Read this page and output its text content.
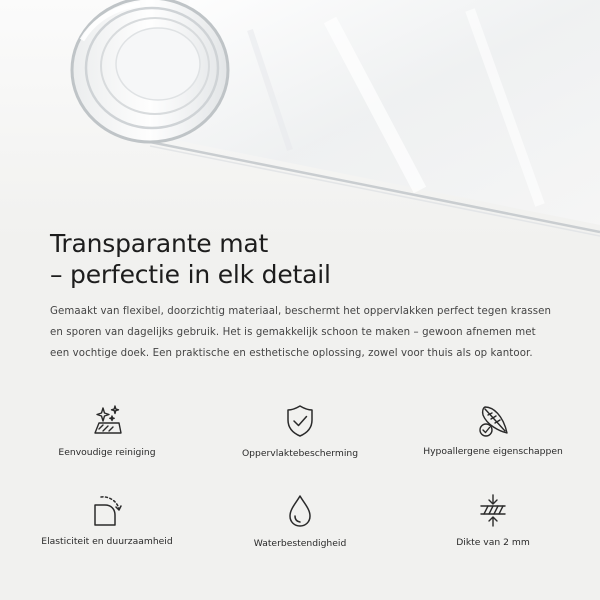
Transparante mat
– perfectie in elk detail

Gemaakt van flexibel, doorzichtig materiaal, beschermt het oppervlakken perfect tegen krassen en sporen van dagelijks gebruik. Het is gemakkelijk schoon te maken – gewoon afnemen met een vochtige doek. Een praktische en esthetische oplossing, zowel voor thuis als op kantoor.

Eenvoudige reiniging	Oppervlaktebescherming	Hypoallergene eigenschappen
Elasticiteit en duurzaamheid	Waterbestendigheid	Dikte van 2 mm
